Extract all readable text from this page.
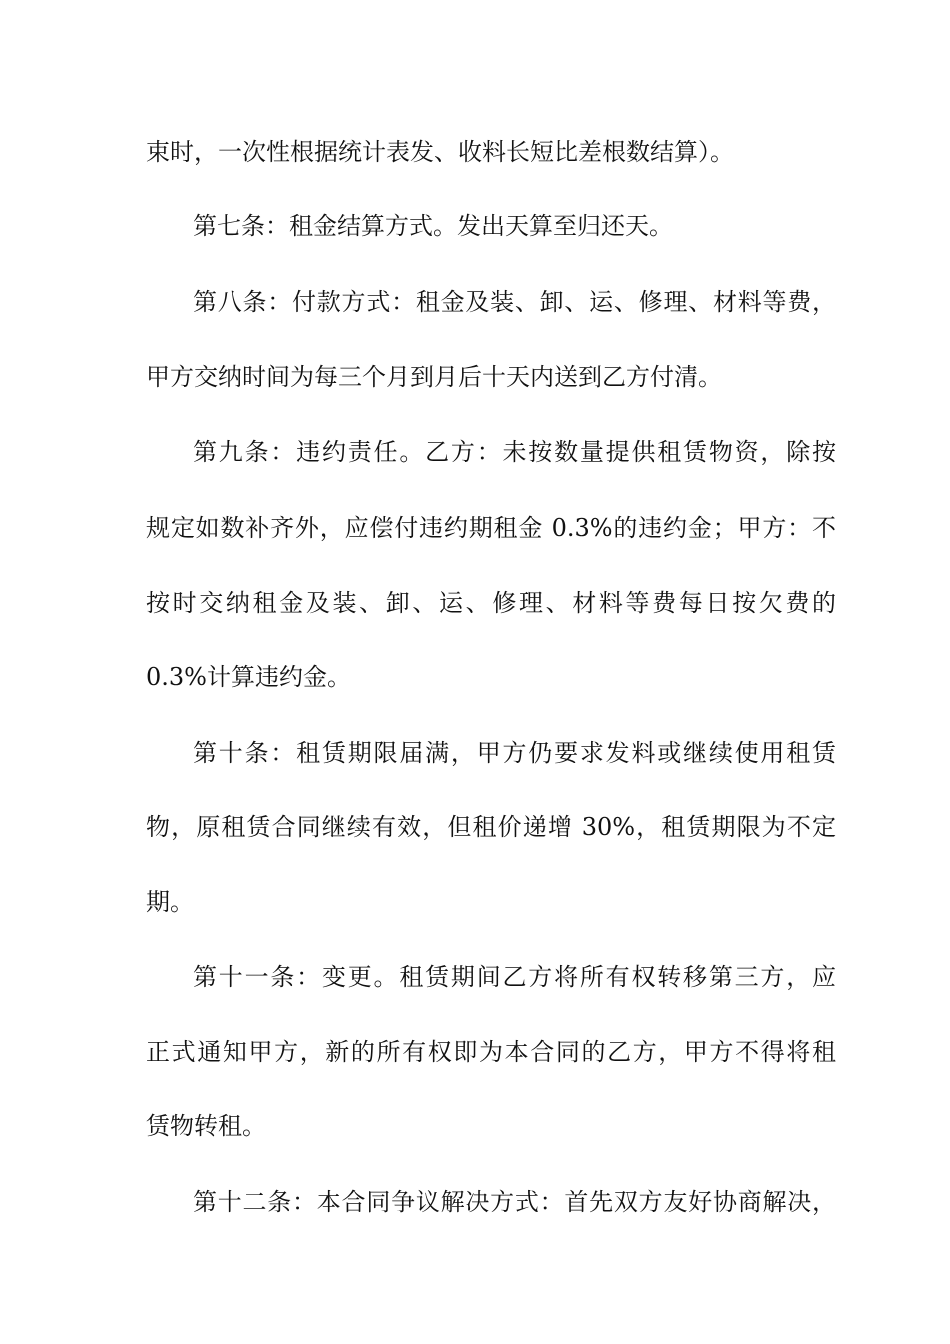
束时，一次性根据统计表发、收料长短比差根数结算）。
第七条：租金结算方式。发出天算至归还天。
第八条：付款方式：租金及装、卸、运、修理、材料等费，
甲方交纳时间为每三个月到月后十天内送到乙方付清。
第九条：违约责任。乙方：未按数量提供租赁物资，除按
规定如数补齐外，应偿付违约期租金 0.3%的违约金；甲方：不
按时交纳租金及装、卸、运、修理、材料等费每日按欠费的
0.3%计算违约金。
第十条：租赁期限届满，甲方仍要求发料或继续使用租赁
物，原租赁合同继续有效，但租价递增 30%，租赁期限为不定
期。
第十一条：变更。租赁期间乙方将所有权转移第三方，应
正式通知甲方，新的所有权即为本合同的乙方，甲方不得将租
赁物转租。
第十二条：本合同争议解决方式：首先双方友好协商解决，
